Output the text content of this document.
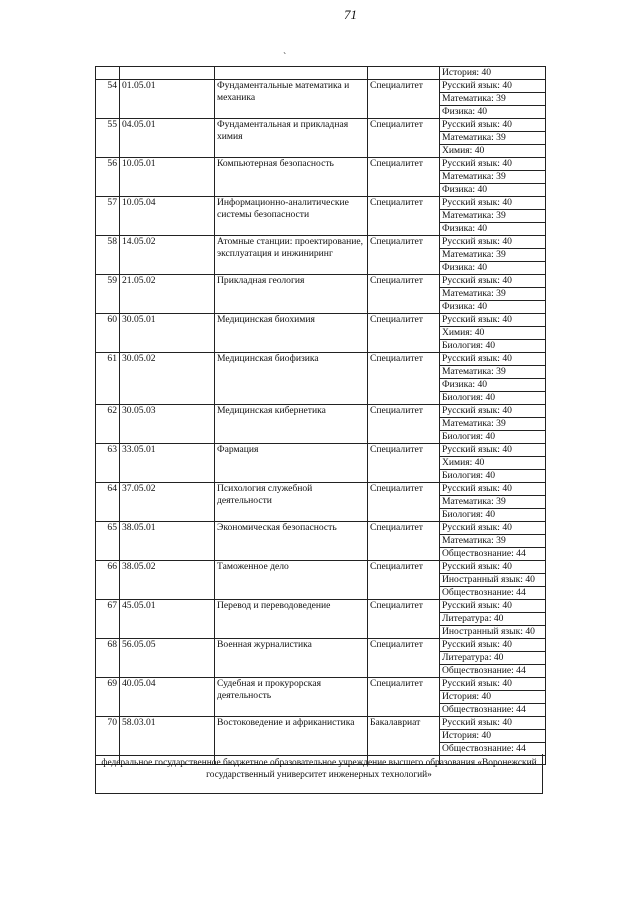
71
`
				История: 40
54	01.05.01	Фундаментальные математика и механика	Специалитет	Русский язык: 40
				Математика: 39
				Физика: 40
55	04.05.01	Фундаментальная и прикладная химия	Специалитет	Русский язык: 40
				Математика: 39
				Химия: 40
56	10.05.01	Компьютерная безопасность	Специалитет	Русский язык: 40
				Математика: 39
				Физика: 40
57	10.05.04	Информационно-аналитические системы безопасности	Специалитет	Русский язык: 40
				Математика: 39
				Физика: 40
58	14.05.02	Атомные станции: проектирование, эксплуатация и инжиниринг	Специалитет	Русский язык: 40
				Математика: 39
				Физика: 40
59	21.05.02	Прикладная геология	Специалитет	Русский язык: 40
				Математика: 39
				Физика: 40
60	30.05.01	Медицинская биохимия	Специалитет	Русский язык: 40
				Химия: 40
				Биология: 40
61	30.05.02	Медицинская биофизика	Специалитет	Русский язык: 40
				Математика: 39
				Физика: 40
				Биология: 40
62	30.05.03	Медицинская кибернетика	Специалитет	Русский язык: 40
				Математика: 39
				Биология: 40
63	33.05.01	Фармация	Специалитет	Русский язык: 40
				Химия: 40
				Биология: 40
64	37.05.02	Психология служебной деятельности	Специалитет	Русский язык: 40
				Математика: 39
				Биология: 40
65	38.05.01	Экономическая безопасность	Специалитет	Русский язык: 40
				Математика: 39
				Обществознание: 44
66	38.05.02	Таможенное дело	Специалитет	Русский язык: 40
				Иностранный язык: 40
				Обществознание: 44
67	45.05.01	Перевод и переводоведение	Специалитет	Русский язык: 40
				Литература: 40
				Иностранный язык: 40
68	56.05.05	Военная журналистика	Специалитет	Русский язык: 40
				Литература: 40
				Обществознание: 44
69	40.05.04	Судебная и прокурорская деятельность	Специалитет	Русский язык: 40
				История: 40
				Обществознание: 44
70	58.03.01	Востоковедение и африканистика	Бакалавриат	Русский язык: 40
				История: 40
				Обществознание: 44

федеральное государственное бюджетное образовательное учреждение высшего образования «Воронежский государственный университет инженерных технологий»
